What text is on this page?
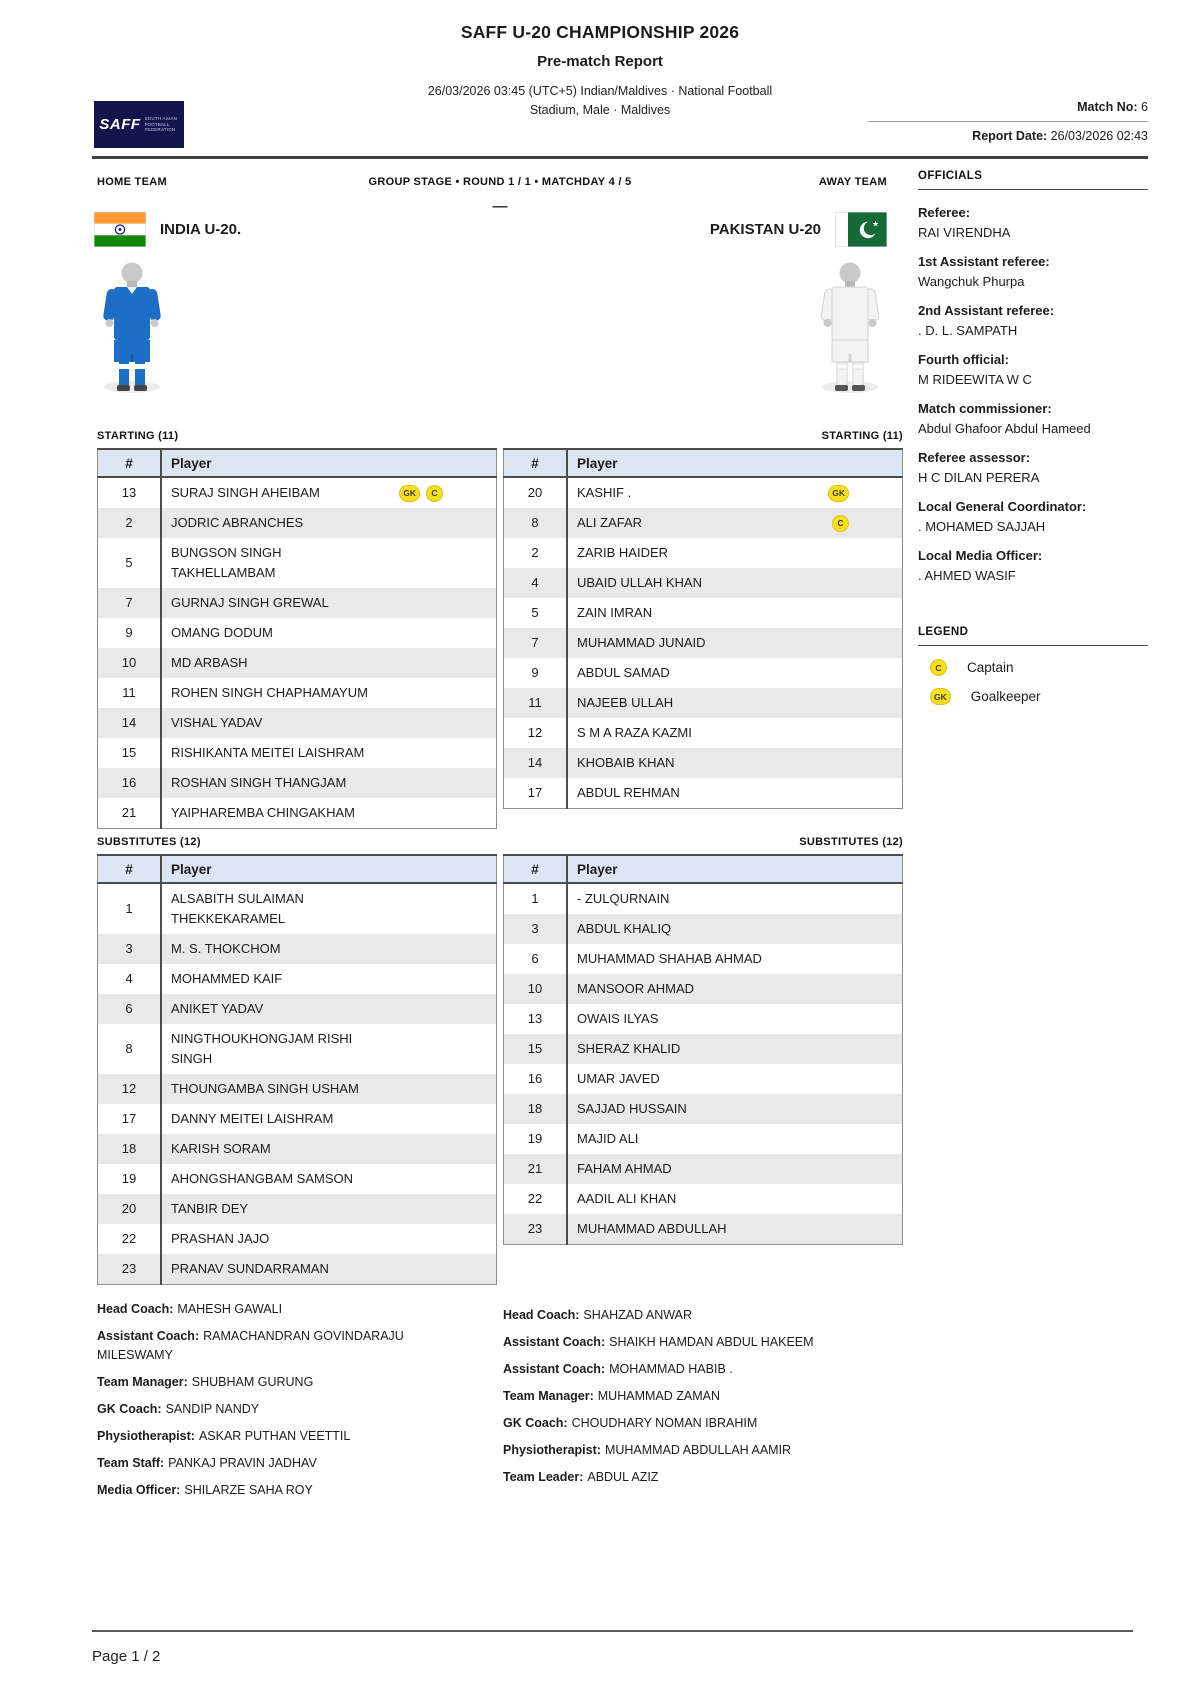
SAFF U-20 CHAMPIONSHIP 2026
Pre-match Report
26/03/2026 03:45 (UTC+5) Indian/Maldives · National Football
Stadium, Male · Maldives
SAFF SOUTH ASIAN FOOTBALL FEDERATION
Match No: 6
Report Date: 26/03/2026 02:43
HOME TEAM	GROUP STAGE • ROUND 1 / 1 • MATCHDAY 4 / 5	AWAY TEAM
—
INDIA U-20.	PAKISTAN U-20	★
OFFICIALS
Referee:
RAI VIRENDHA
1st Assistant referee:
Wangchuk Phurpa
2nd Assistant referee:
. D. L. SAMPATH
Fourth official:
M RIDEEWITA W C
Match commissioner:
Abdul Ghafoor Abdul Hameed
Referee assessor:
H C DILAN PERERA
Local General Coordinator:
. MOHAMED SAJJAH
Local Media Officer:
. AHMED WASIF
LEGEND
C	Captain
GK Goalkeeper
STARTING (11)
#	Player
13	SURAJ SINGH AHEIBAM GK C

2	JODRIC ABRANCHES

5	BUNGSON SINGH
TAKHELLAMBAM

7	GURNAJ SINGH GREWAL

9	OMANG DODUM

10	MD ARBASH

11	ROHEN SINGH CHAPHAMAYUM

14	VISHAL YADAV

15	RISHIKANTA MEITEI LAISHRAM

16	ROSHAN SINGH THANGJAM

21	YAIPHAREMBA CHINGAKHAM
STARTING (11)
#	Player
20	KASHIF . GK

8	ALI ZAFAR C

2	ZARIB HAIDER

4	UBAID ULLAH KHAN

5	ZAIN IMRAN

7	MUHAMMAD JUNAID

9	ABDUL SAMAD

11	NAJEEB ULLAH

12	S M A RAZA KAZMI

14	KHOBAIB KHAN

17	ABDUL REHMAN
SUBSTITUTES (12)
#	Player
1	ALSABITH SULAIMAN
THEKKEKARAMEL

3	M. S. THOKCHOM

4	MOHAMMED KAIF

6	ANIKET YADAV

8	NINGTHOUKHONGJAM RISHI
SINGH

12	THOUNGAMBA SINGH USHAM

17	DANNY MEITEI LAISHRAM

18	KARISH SORAM

19	AHONGSHANGBAM SAMSON

20	TANBIR DEY

22	PRASHAN JAJO

23	PRANAV SUNDARRAMAN
SUBSTITUTES (12)
#	Player
1	- ZULQURNAIN

3	ABDUL KHALIQ

6	MUHAMMAD SHAHAB AHMAD

10	MANSOOR AHMAD

13	OWAIS ILYAS

15	SHERAZ KHALID

16	UMAR JAVED

18	SAJJAD HUSSAIN

19	MAJID ALI

21	FAHAM AHMAD

22	AADIL ALI KHAN

23	MUHAMMAD ABDULLAH
Head Coach: MAHESH GAWALI
Assistant Coach: RAMACHANDRAN GOVINDARAJU MILESWAMY
Team Manager: SHUBHAM GURUNG
GK Coach: SANDIP NANDY
Physiotherapist: ASKAR PUTHAN VEETTIL
Team Staff: PANKAJ PRAVIN JADHAV
Media Officer: SHILARZE SAHA ROY
Head Coach: SHAHZAD ANWAR
Assistant Coach: SHAIKH HAMDAN ABDUL HAKEEM
Assistant Coach: MOHAMMAD HABIB .
Team Manager: MUHAMMAD ZAMAN
GK Coach: CHOUDHARY NOMAN IBRAHIM
Physiotherapist: MUHAMMAD ABDULLAH AAMIR
Team Leader: ABDUL AZIZ
Page 1 / 2
